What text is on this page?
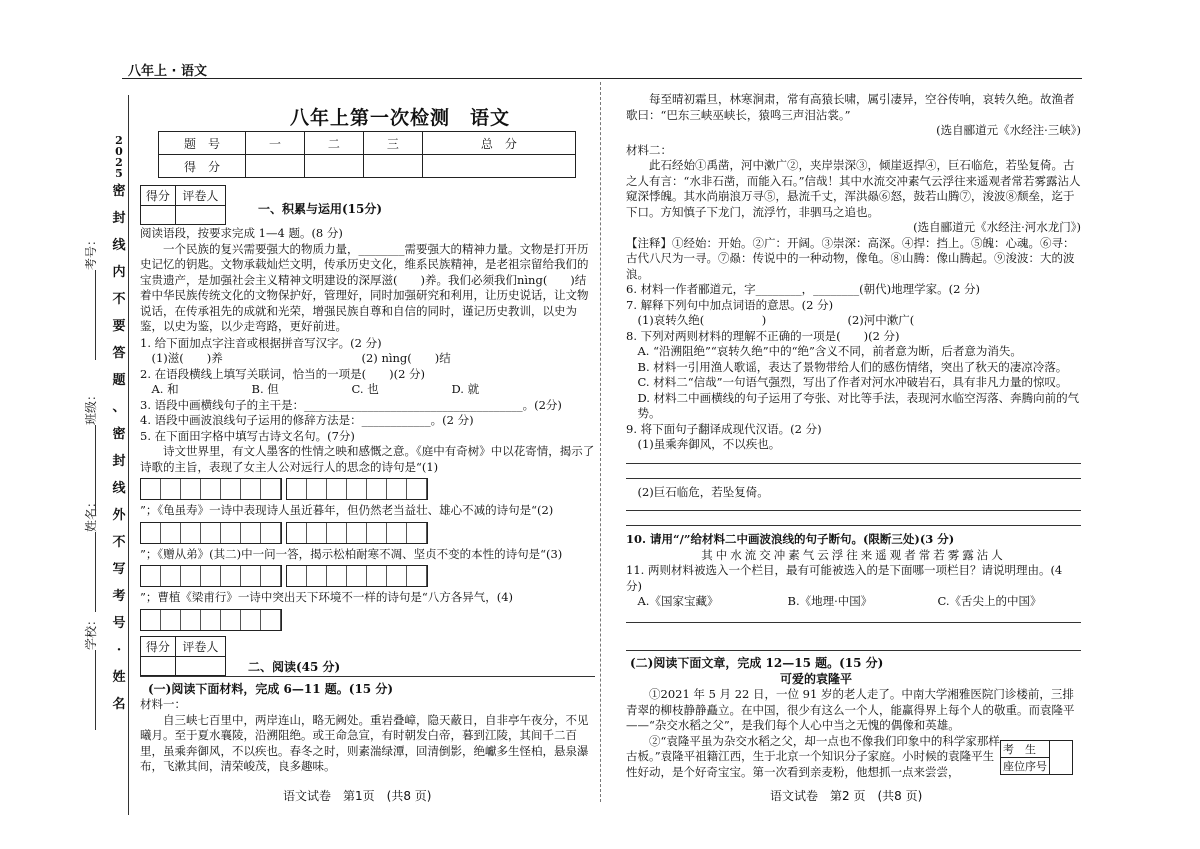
八年上 · 语文
2
0
2
5
密
封
线
内
不
要
答
题
、
密
封
线
外
不
写
考
号
·
姓
名
考号：
班级：
姓名：
学校：
八年上第一次检测　语文
题　号	一	二	三	总　分
得　分				
得分	评卷人

一、积累与运用(15分)

阅读语段，按要求完成 1—4 题。(8 分)

一个民族的复兴需要强大的物质力量，________需要强大的精神力量。文物是打开历史记忆的钥匙。文物承载灿烂文明，传承历史文化，维系民族精神，是老祖宗留给我们的宝贵遗产，是加强社会主义精神文明建设的深厚滋(　　)养。我们必须我们nìng(　　)结着中华民族传统文化的文物保护好，管理好，同时加强研究和利用，让历史说话，让文物说话，在传承祖先的成就和光荣，增强民族自尊和自信的同时，谨记历史教训，以史为鉴，以史为鉴，以少走弯路，更好前进。

1. 给下面加点字注音或根据拼音写汉字。(2 分)

(1)滋(　　)养	(2) nìng(　　)结

2. 在语段横线上填写关联词，恰当的一项是(　　)(2 分)

A. 和	B. 但	C. 也	D. 就

3. 语段中画横线句子的主干是：______________________________________。(2分)

4. 语段中画波浪线句子运用的修辞方法是：____________。(2 分)

5. 在下面田字格中填写古诗文名句。(7分)

诗文世界里，有文人墨客的性情之映和感慨之意。《庭中有奇树》中以花寄情，揭示了诗歌的主旨，表现了女主人公对远行人的思念的诗句是“(1)

”；《龟虽寿》一诗中表现诗人虽近暮年，但仍然老当益壮、雄心不减的诗句是“(2)

”；《赠从弟》(其二)中一问一答，揭示松柏耐寒不凋、坚贞不变的本性的诗句是“(3)

”；曹植《梁甫行》一诗中突出天下环境不一样的诗句是“八方各异气，(4)

得分	评卷人

二、阅读(45 分)
(一)阅读下面材料，完成 6—11 题。(15 分)

材料一：

自三峡七百里中，两岸连山，略无阙处。重岩叠嶂，隐天蔽日，自非亭午夜分，不见曦月。至于夏水襄陵，沿溯阻绝。或王命急宣，有时朝发白帝，暮到江陵，其间千二百里，虽乘奔御风，不以疾也。春冬之时，则素湍绿潭，回清倒影，绝巘多生怪柏，悬泉瀑布，飞漱其间，清荣峻茂，良多趣味。

语文试卷　第1页　(共8 页)

每至晴初霜旦，林寒涧肃，常有高猿长啸，属引凄异，空谷传响，哀转久绝。故渔者歌曰：“巴东三峡巫峡长，猿鸣三声泪沾裳。”

(选自郦道元《水经注·三峡》)

材料二：

此石经始①禹凿，河中漱广②，夹岸崇深③，倾崖返捍④，巨石临危，若坠复倚。古之人有言：“水非石凿，而能入石。”信哉！其中水流交冲素气云浮往来遥观者常若雾露沾人窥深悸魄。其水尚崩浪万寻⑤，悬流千丈，浑洪赑⑥怒，鼓若山腾⑦，浚波⑧颓垒，迄于下口。方知慎子下龙门，流浮竹，非驷马之追也。

(选自郦道元《水经注·河水龙门》)

【注释】①经始：开始。②广：开阔。③崇深：高深。④捍：挡上。⑤魄：心魂。⑥寻：古代八尺为一寻。⑦赑：传说中的一种动物，像龟。⑧山腾：像山腾起。⑨浚波：大的波浪。

6. 材料一作者郦道元，字________，________(朝代)地理学家。(2 分)

7. 解释下列句中加点词语的意思。(2 分)

(1)哀转久绝(　　　　　)	(2)河中漱广(

8. 下列对两则材料的理解不正确的一项是(　　)(2 分)

A. “沿溯阻绝”“哀转久绝”中的“绝”含义不同，前者意为断，后者意为消失。

B. 材料一引用渔人歌谣，表达了景物带给人们的感伤情绪，突出了秋天的凄凉冷落。

C. 材料二“信哉”一句语气强烈，写出了作者对河水冲破岩石，具有非凡力量的惊叹。

D. 材料二中画横线的句子运用了夸张、对比等手法，表现河水临空泻落、奔腾向前的气势。

9. 将下面句子翻译成现代汉语。(2 分)

(1)虽乘奔御风，不以疾也。

(2)巨石临危，若坠复倚。

10. 请用“/”给材料二中画波浪线的句子断句。(限断三处)(3 分)

其中水流交冲素气云浮往来遥观者常若雾露沾人

11. 两则材料被选入一个栏目，最有可能被选入的是下面哪一项栏目？请说明理由。(4 分)

A.《国家宝藏》	B.《地理·中国》	C.《舌尖上的中国》

(二)阅读下面文章，完成 12—15 题。(15 分)
可爱的袁隆平

①2021 年 5 月 22 日，一位 91 岁的老人走了。中南大学湘雅医院门诊楼前，三排青翠的柳枝静静矗立。在中国，很少有这么一个人，能赢得界上每个人的敬重。而袁隆平——“杂交水稻之父”，是我们每个人心中当之无愧的偶像和英雄。

②“袁隆平虽为杂交水稻之父，却一点也不像我们印象中的科学家那样古板。”袁隆平祖籍江西，生于北京一个知识分子家庭。小时候的袁隆平生性好动，是个好奇宝宝。第一次看到亲麦粉，他想抓一点来尝尝，

考　生	
座位序号
语文试卷　第2 页　(共8 页)
